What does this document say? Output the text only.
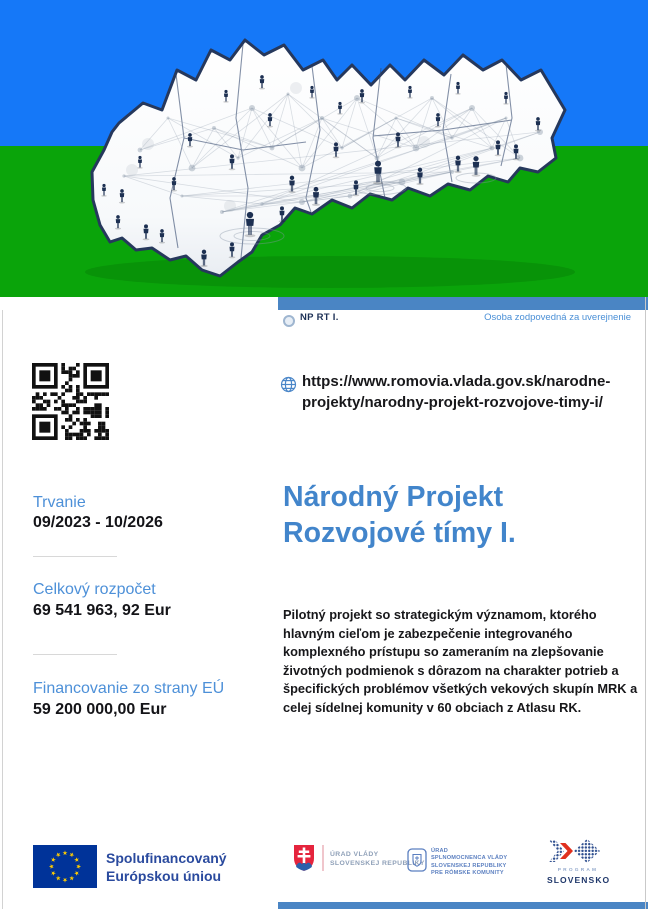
NP RT I.	Osoba zodpovedná za uverejnenie
https://www.romovia.vlada.gov.sk/narodne-
projekty/narodny-projekt-rozvojove-timy-i/
Národný Projekt
Rozvojové tímy I.

Pilotný projekt so strategickým významom, ktorého hlavným cieľom je zabezpečenie integrovaného komplexného prístupu so zameraním na zlepšovanie životných podmienok s dôrazom na charakter potrieb a špecifických problémov všetkých vekových skupín MRK a celej sídelnej komunity v 60 obciach z Atlasu RK.

Trvanie
09/2023 - 10/2026
Celkový rozpočet
69 541 963, 92 Eur
Financovanie zo strany EÚ
59 200 000,00 Eur
Spolufinancovaný
Európskou úniou
ÚRAD VLÁDY
SLOVENSKEJ REPUBLIKY
ÚRAD
SPLNOMOCNENCA VLÁDY
SLOVENSKEJ REPUBLIKY
PRE RÓMSKE KOMUNITY	PROGRAM
SLOVENSKO
